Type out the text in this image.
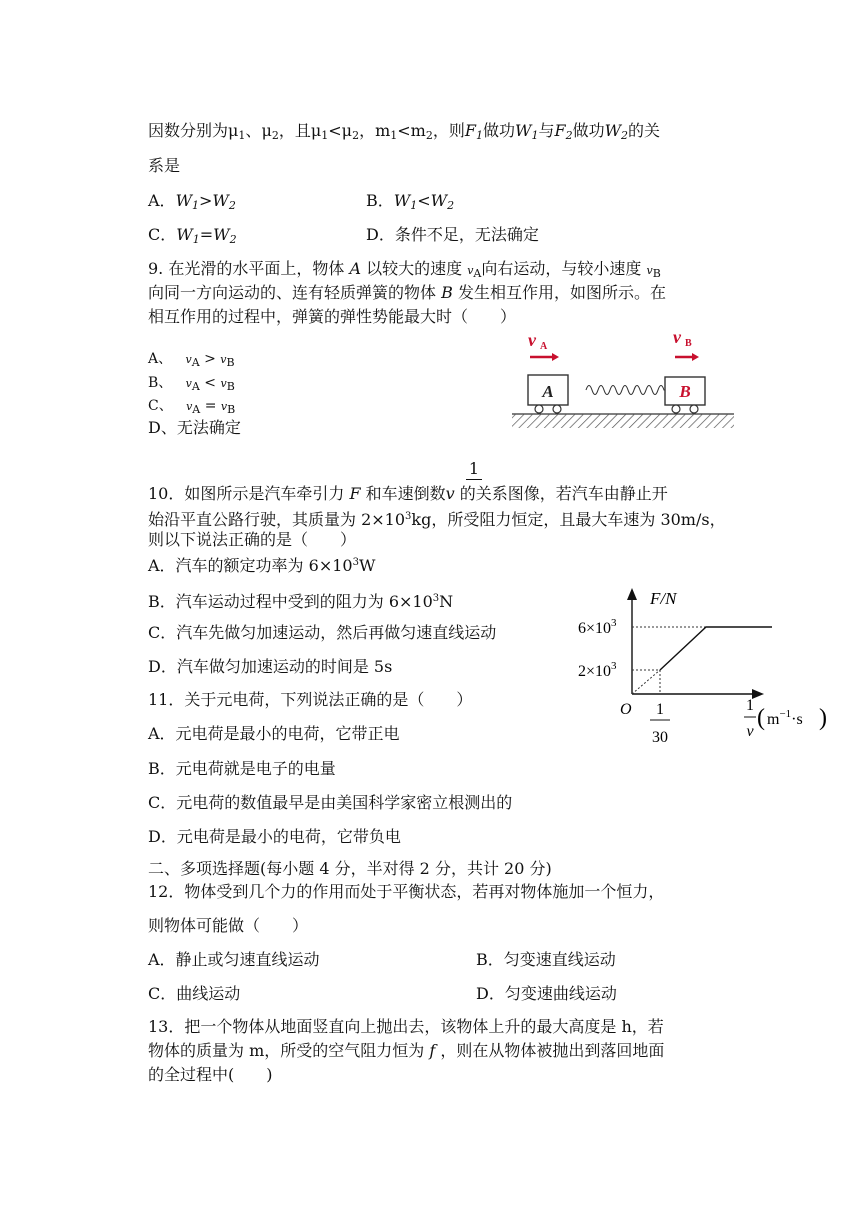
因数分别为$\mu_1$、$\mu_2$，且$\mu_1<\mu_2$，$m_1<m_2$，则$F_1$做功$W_1$与$F_2$做功$W_2$的关
系是
A．$W_1>W_2$	B．$W_1<W_2$
C．$W_1=W_2$	D．条件不足，无法确定
9. 在光滑的水平面上，物体 A 以较大的速度 $v_A$向右运动，与较小速度 $v_B$
向同一方向运动的、连有轻质弹簧的物体 B 发生相互作用，如图所示。在
相互作用的过程中，弹簧的弹性势能最大时（　　）
A、 $v_A > v_B$
B、 $v_A < v_B$
C、 $v_A = v_B$
D、无法确定
v A	v B
A	B
1
10．如图所示是汽车牵引力 F 和车速倒数v 的关系图像，若汽车由静止开
始沿平直公路行驶，其质量为 $2\times 10^3kg$，所受阻力恒定，且最大车速为 30m/s，
则以下说法正确的是（　　）
A．汽车的额定功率为 $6\times 10^3W$
B．汽车运动过程中受到的阻力为 $6\times 10^3N$
C．汽车先做匀加速运动，然后再做匀速直线运动
D．汽车做匀加速运动的时间是 5s
F/N
$6\times 10^3$
$2\times 10^3$
O 1
30
1
v
( $m^{-1}\cdot s$ )
11．关于元电荷，下列说法正确的是（　　）
A．元电荷是最小的电荷，它带正电
B．元电荷就是电子的电量
C．元电荷的数值最早是由美国科学家密立根测出的
D．元电荷是最小的电荷，它带负电
二、多项选择题(每小题 4 分，半对得 2 分，共计 20 分)
12．物体受到几个力的作用而处于平衡状态，若再对物体施加一个恒力，
则物体可能做（　　）
A．静止或匀速直线运动	B．匀变速直线运动
C．曲线运动	D．匀变速曲线运动
13．把一个物体从地面竖直向上抛出去，该物体上升的最大高度是 h，若
物体的质量为 m，所受的空气阻力恒为 f ，则在从物体被抛出到落回地面
的全过程中(　　)
